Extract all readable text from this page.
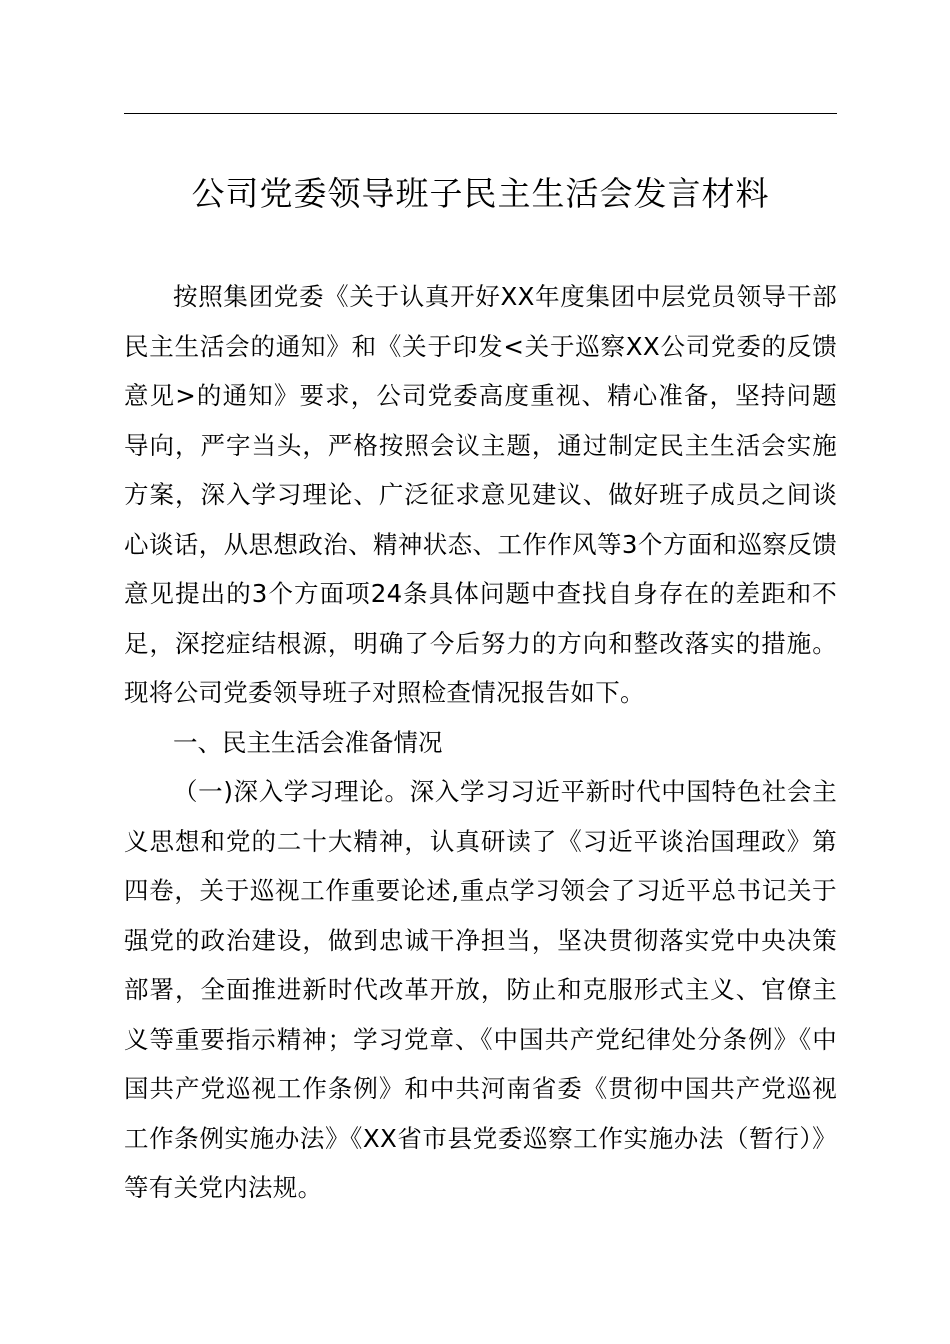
公司党委领导班子民主生活会发言材料

按照集团党委《关于认真开好XX年度集团中层党员领导干部民主生活会的通知》和《关于印发<关于巡察XX公司党委的反馈意见>的通知》要求，公司党委高度重视、精心准备，坚持问题导向，严字当头，严格按照会议主题，通过制定民主生活会实施方案，深入学习理论、广泛征求意见建议、做好班子成员之间谈心谈话，从思想政治、精神状态、工作作风等3个方面和巡察反馈意见提出的3个方面项24条具体问题中查找自身存在的差距和不足，深挖症结根源，明确了今后努力的方向和整改落实的措施。现将公司党委领导班子对照检查情况报告如下。

一、民主生活会准备情况

（一)深入学习理论。深入学习习近平新时代中国特色社会主义思想和党的二十大精神，认真研读了《习近平谈治国理政》第四卷，关于巡视工作重要论述,重点学习领会了习近平总书记关于强党的政治建设，做到忠诚干净担当，坚决贯彻落实党中央决策部署，全面推进新时代改革开放，防止和克服形式主义、官僚主义等重要指示精神；学习党章、《中国共产党纪律处分条例》《中国共产党巡视工作条例》和中共河南省委《贯彻中国共产党巡视工作条例实施办法》《XX省市县党委巡察工作实施办法（暂行）》等有关党内法规。
